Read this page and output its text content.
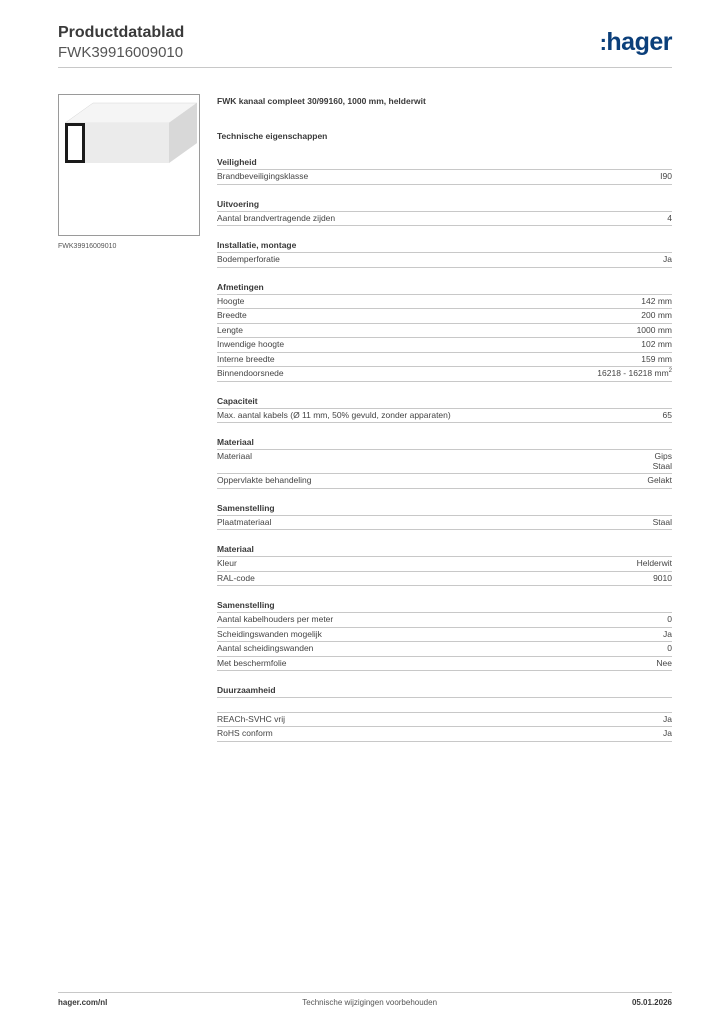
Productdatablad
FWK39916009010	:hager
FWK39916009010
FWK kanaal compleet 30/99160, 1000 mm, helderwit
Technische eigenschappen
Veiligheid
Brandbeveiligingsklasse	I90
Uitvoering
Aantal brandvertragende zijden	4
Installatie, montage
Bodemperforatie	Ja
Afmetingen
Hoogte	142 mm
Breedte	200 mm
Lengte	1000 mm
Inwendige hoogte	102 mm
Interne breedte	159 mm
Binnendoorsnede	16218 - 16218 $mm^2$
Capaciteit
Max. aantal kabels (Ø 11 mm, 50% gevuld, zonder apparaten)	65
Materiaal
Materiaal	Gips
Staal
Oppervlakte behandeling	Gelakt
Samenstelling
Plaatmateriaal	Staal
Materiaal
Kleur	Helderwit
RAL-code	9010
Samenstelling
Aantal kabelhouders per meter	0
Scheidingswanden mogelijk	Ja
Aantal scheidingswanden	0
Met beschermfolie	Nee
Duurzaamheid

REACh-SVHC vrij	Ja
RoHS conform	Ja
hager.com/nl	Technische wijzigingen voorbehouden	05.01.2026
